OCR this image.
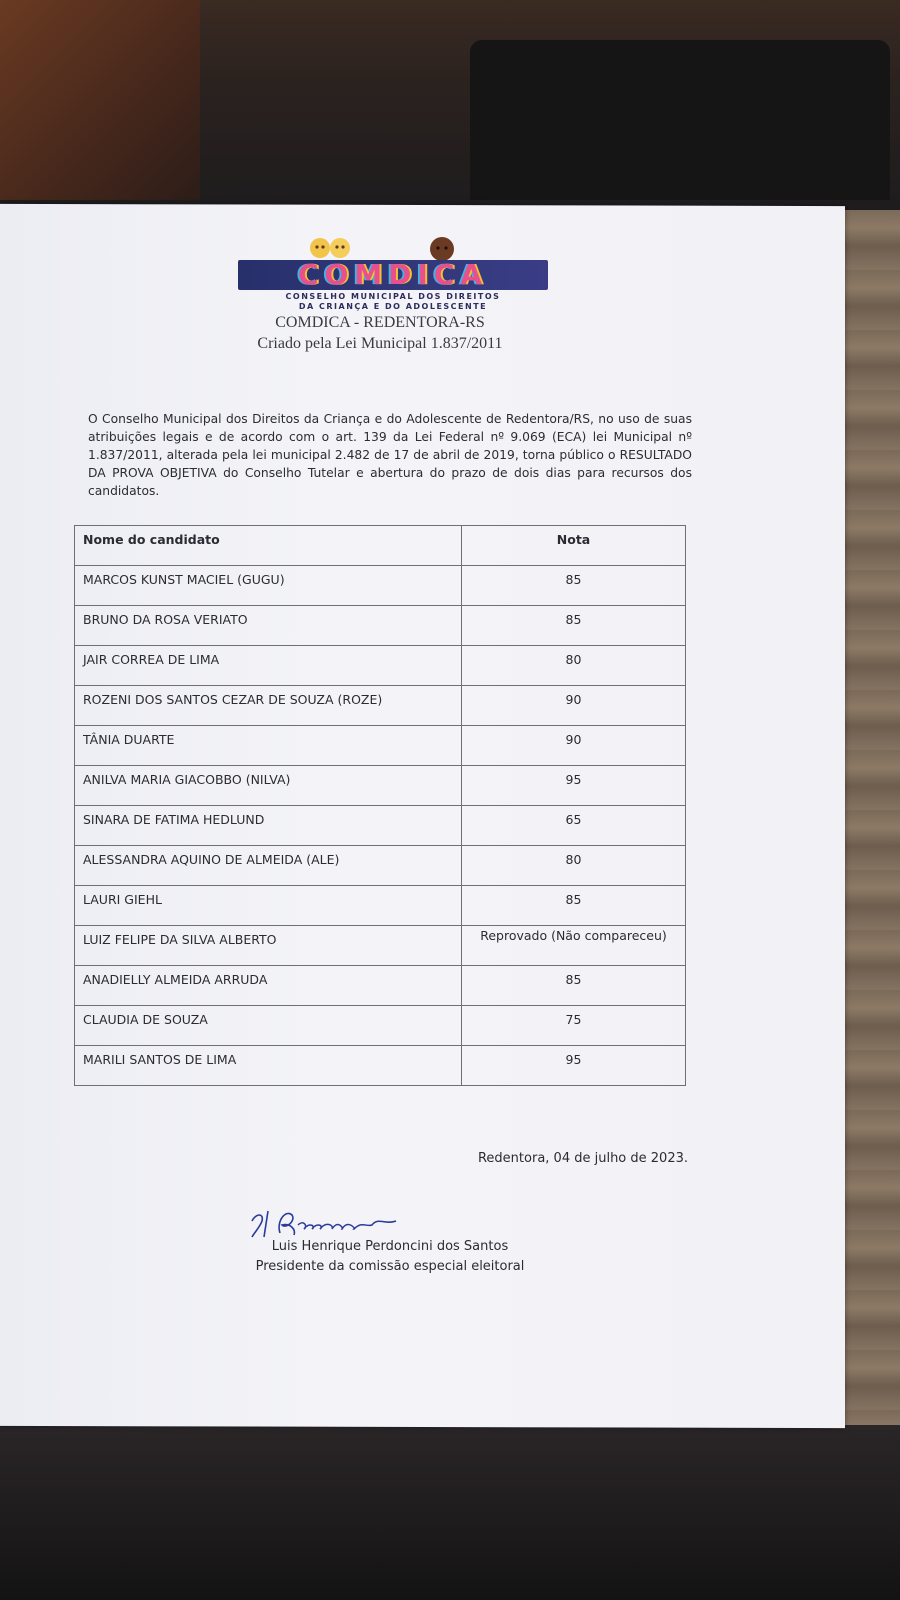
COMDICA
CONSELHO MUNICIPAL DOS DIREITOS
DA CRIANÇA E DO ADOLESCENTE
COMDICA - REDENTORA-RS
Criado pela Lei Municipal 1.837/2011

O Conselho Municipal dos Direitos da Criança e do Adolescente de Redentora/RS, no uso de suas atribuições legais e de acordo com o art. 139 da Lei Federal nº 9.069 (ECA) lei Municipal nº 1.837/2011, alterada pela lei municipal 2.482 de 17 de abril de 2019, torna público o RESULTADO DA PROVA OBJETIVA do Conselho Tutelar e abertura do prazo de dois dias para recursos dos candidatos.

Nome do candidato	Nota
MARCOS KUNST MACIEL (GUGU)	85
BRUNO DA ROSA VERIATO	85
JAIR CORREA DE LIMA	80
ROZENI DOS SANTOS CEZAR DE SOUZA (ROZE)	90
TÂNIA DUARTE	90
ANILVA MARIA GIACOBBO (NILVA)	95
SINARA DE FATIMA HEDLUND	65
ALESSANDRA AQUINO DE ALMEIDA (ALE)	80
LAURI GIEHL	85
LUIZ FELIPE DA SILVA ALBERTO	Reprovado (Não compareceu)
ANADIELLY ALMEIDA ARRUDA	85
CLAUDIA DE SOUZA	75
MARILI SANTOS DE LIMA	95
Redentora, 04 de julho de 2023.
Luis Henrique Perdoncini dos Santos
Presidente da comissão especial eleitoral
